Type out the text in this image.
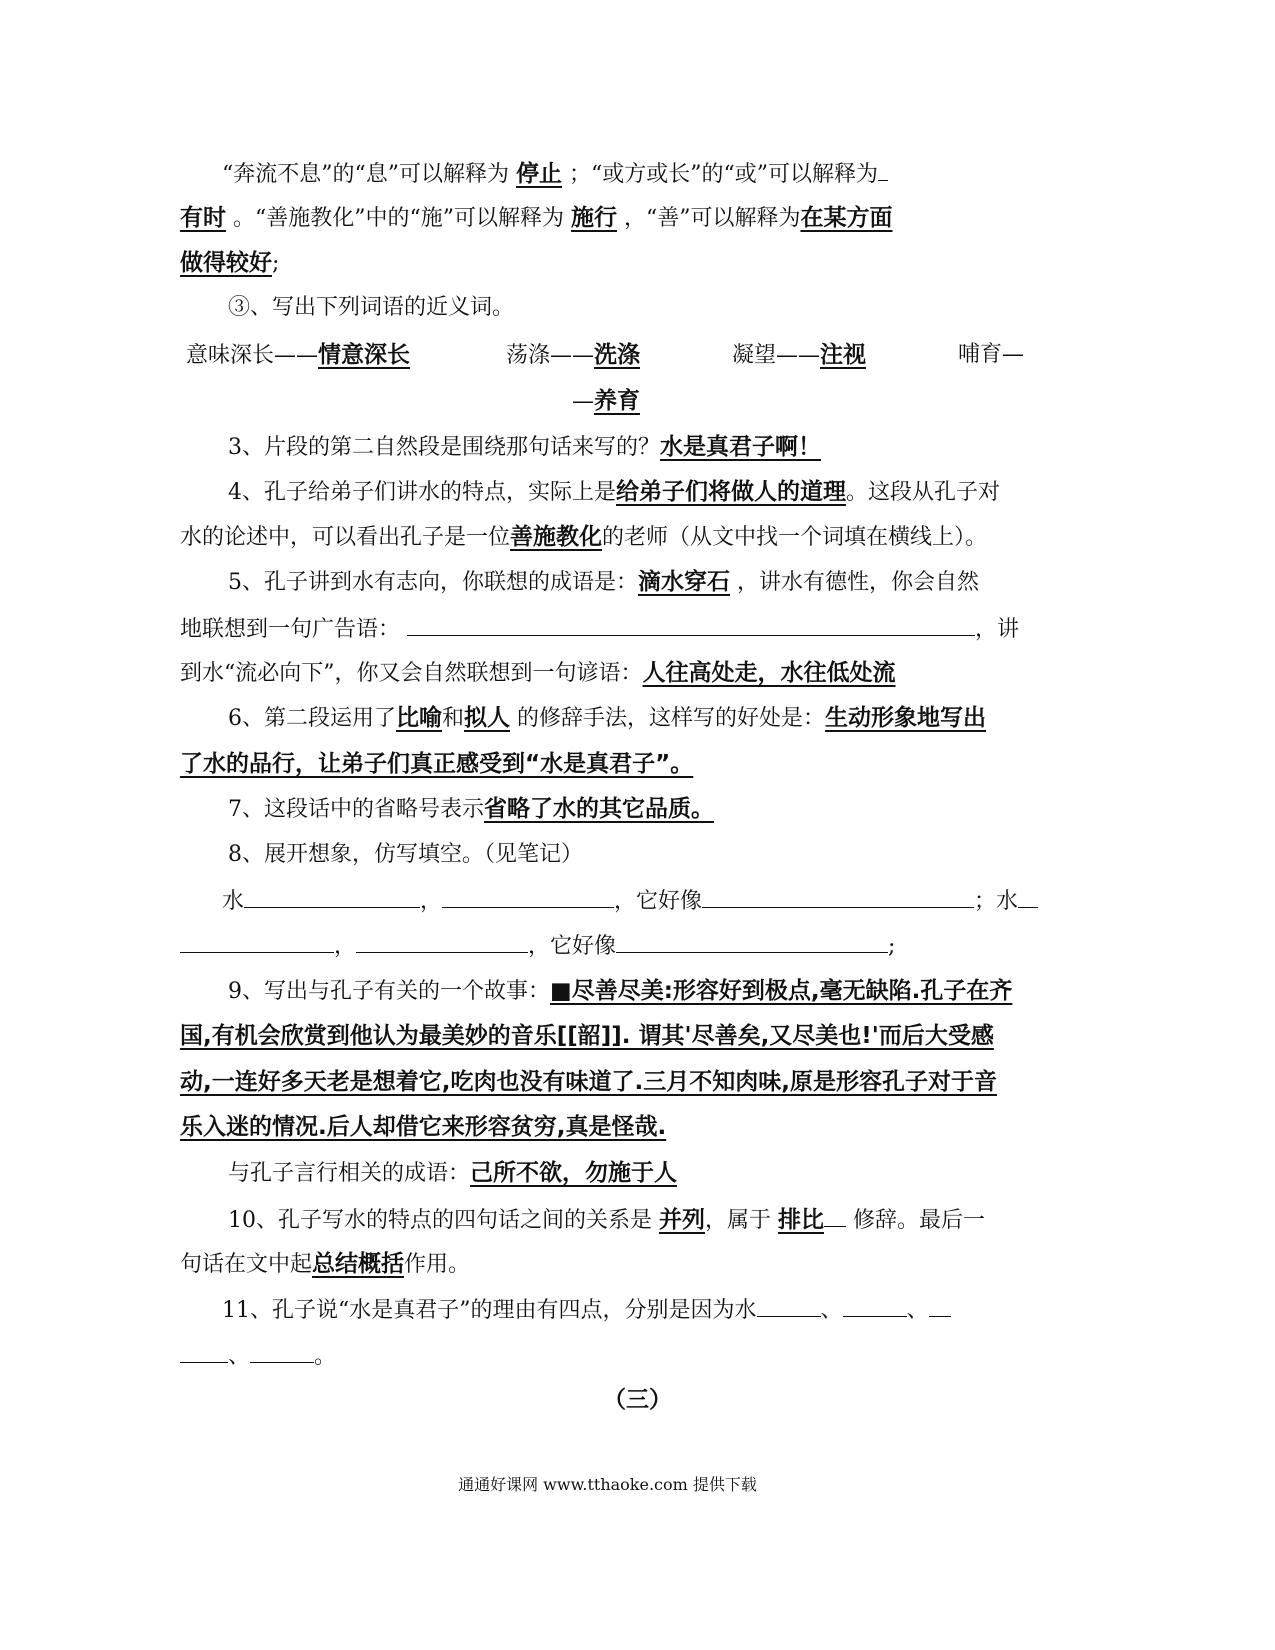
“奔流不息”的“息”可以解释为 停止 ；“或方或长”的“或”可以解释为
有时 。“善施教化”中的“施”可以解释为 施行 ，“善”可以解释为在某方面
做得较好;
③、写出下列词语的近义词。
意味深长——情意深长	荡涤——洗涤	凝望——注视	哺育—
—养育
3、片段的第二自然段是围绕那句话来写的？水是真君子啊！
4、孔子给弟子们讲水的特点，实际上是给弟子们将做人的道理。这段从孔子对
水的论述中，可以看出孔子是一位善施教化的老师（从文中找一个词填在横线上）。
5、孔子讲到水有志向，你联想的成语是：滴水穿石 ，讲水有德性，你会自然
地联想到一句广告语：	，讲
到水“流必向下”，你又会自然联想到一句谚语：人往高处走，水往低处流
6、第二段运用了比喻和拟人 的修辞手法，这样写的好处是：生动形象地写出
了水的品行，让弟子们真正感受到“水是真君子”。
7、这段话中的省略号表示省略了水的其它品质。
8、展开想象，仿写填空。（见笔记）
水	，	，它好像	；水
，	，它好像	;
9、写出与孔子有关的一个故事：■尽善尽美:形容好到极点,毫无缺陷.孔子在齐
国,有机会欣赏到他认为最美妙的音乐[[韶]]. 谓其'尽善矣,又尽美也!'而后大受感
动,一连好多天老是想着它,吃肉也没有味道了.三月不知肉味,原是形容孔子对于音
乐入迷的情况.后人却借它来形容贫穷,真是怪哉.
与孔子言行相关的成语：己所不欲，勿施于人
10、孔子写水的特点的四句话之间的关系是 并列，属于 排比 修辞。最后一
句话在文中起总结概括作用。
11、孔子说“水是真君子”的理由有四点，分别是因为水	、	、
、	。
（三）
通通好课网 www.tthaoke.com 提供下载
